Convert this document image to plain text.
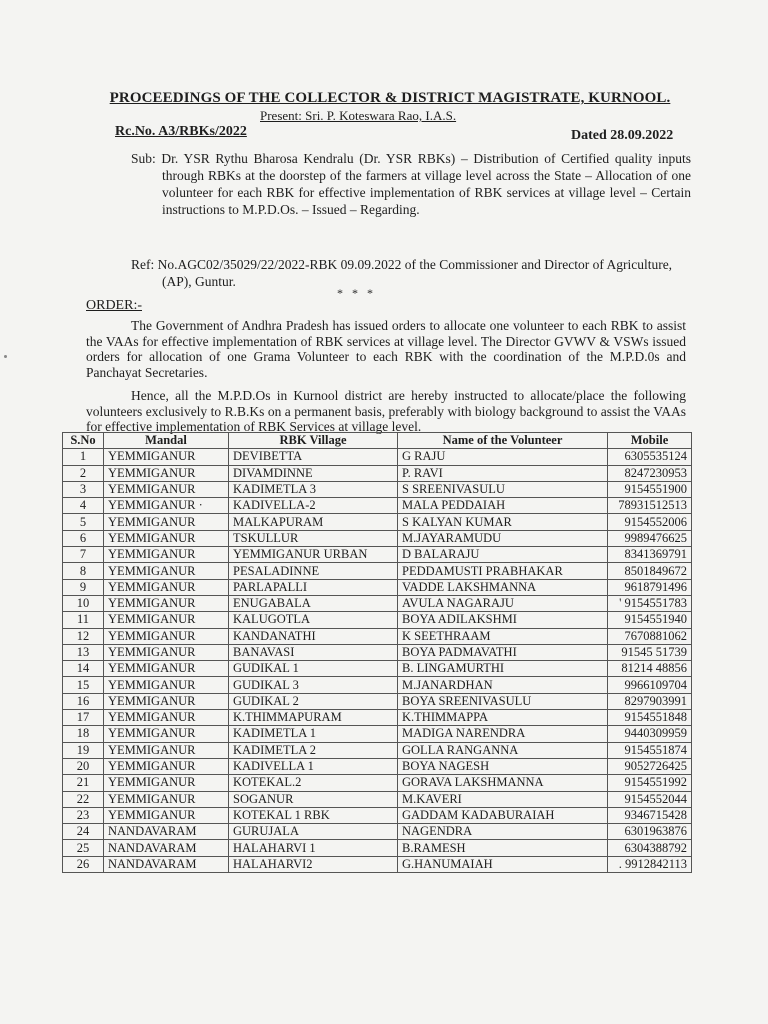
PROCEEDINGS OF THE COLLECTOR & DISTRICT MAGISTRATE, KURNOOL.
Present: Sri. P. Koteswara Rao, I.A.S.
Rc.No. A3/RBKs/2022	Dated 28.09.2022
Sub: Dr. YSR Rythu Bharosa Kendralu (Dr. YSR RBKs) – Distribution of Certified quality inputs through RBKs at the doorstep of the farmers at village level across the State – Allocation of one volunteer for each RBK for effective implementation of RBK services at village level – Certain instructions to M.P.D.Os. – Issued – Regarding.
Ref: No.AGC02/35029/22/2022-RBK 09.09.2022 of the Commissioner and Director of Agriculture, (AP), Guntur.
* * *
ORDER:-
The Government of Andhra Pradesh has issued orders to allocate one volunteer to each RBK to assist the VAAs for effective implementation of RBK services at village level. The Director GVWV & VSWs issued orders for allocation of one Grama Volunteer to each RBK with the coordination of the M.P.D.0s and Panchayat Secretaries.
Hence, all the M.P.D.Os in Kurnool district are hereby instructed to allocate/place the following volunteers exclusively to R.B.Ks on a permanent basis, preferably with biology background to assist the VAAs for effective implementation of RBK Services at village level.
S.No	Mandal	RBK Village	Name of the Volunteer	Mobile
1	YEMMIGANUR	DEVIBETTA	G RAJU	6305535124
2	YEMMIGANUR	DIVAMDINNE	P. RAVI	8247230953
3	YEMMIGANUR	KADIMETLA 3	S SREENIVASULU	9154551900
4	YEMMIGANUR ·	KADIVELLA-2	MALA PEDDAIAH	78931512513
5	YEMMIGANUR	MALKAPURAM	S KALYAN KUMAR	9154552006
6	YEMMIGANUR	TSKULLUR	M.JAYARAMUDU	9989476625
7	YEMMIGANUR	YEMMIGANUR URBAN	D BALARAJU	8341369791
8	YEMMIGANUR	PESALADINNE	PEDDAMUSTI PRABHAKAR	8501849672
9	YEMMIGANUR	PARLAPALLI	VADDE LAKSHMANNA	9618791496
10	YEMMIGANUR	ENUGABALA	AVULA NAGARAJU	' 9154551783
11	YEMMIGANUR	KALUGOTLA	BOYA ADILAKSHMI	9154551940
12	YEMMIGANUR	KANDANATHI	K SEETHRAAM	7670881062
13	YEMMIGANUR	BANAVASI	BOYA PADMAVATHI	91545 51739
14	YEMMIGANUR	GUDIKAL 1	B. LINGAMURTHI	81214 48856
15	YEMMIGANUR	GUDIKAL 3	M.JANARDHAN	9966109704
16	YEMMIGANUR	GUDIKAL 2	BOYA SREENIVASULU	8297903991
17	YEMMIGANUR	K.THIMMAPURAM	K.THIMMAPPA	9154551848
18	YEMMIGANUR	KADIMETLA 1	MADIGA NARENDRA	9440309959
19	YEMMIGANUR	KADIMETLA 2	GOLLA RANGANNA	9154551874
20	YEMMIGANUR	KADIVELLA 1	BOYA NAGESH	9052726425
21	YEMMIGANUR	KOTEKAL.2	GORAVA LAKSHMANNA	9154551992
22	YEMMIGANUR	SOGANUR	M.KAVERI	9154552044
23	YEMMIGANUR	KOTEKAL 1 RBK	GADDAM KADABURAIAH	9346715428
24	NANDAVARAM	GURUJALA	NAGENDRA	6301963876
25	NANDAVARAM	HALAHARVI 1	B.RAMESH	6304388792
26	NANDAVARAM	HALAHARVI2	G.HANUMAIAH	. 9912842113
